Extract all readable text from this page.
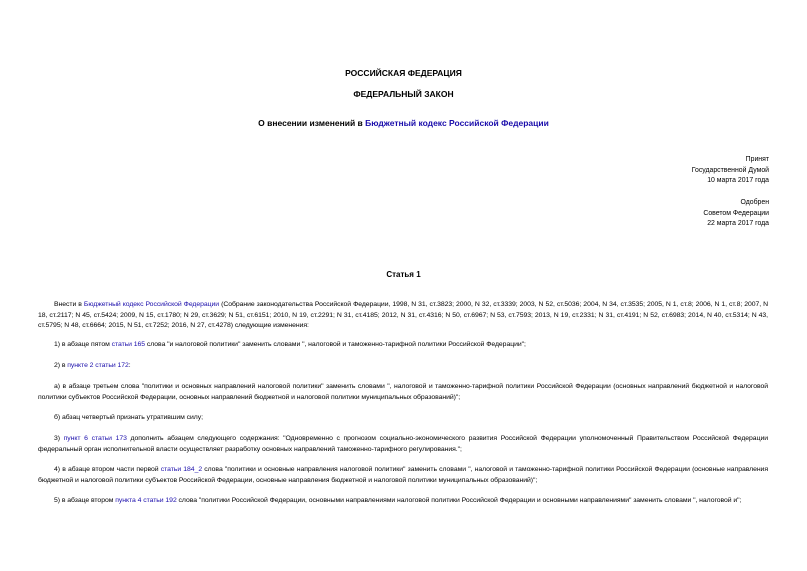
РОССИЙСКАЯ ФЕДЕРАЦИЯ
ФЕДЕРАЛЬНЫЙ ЗАКОН
О внесении изменений в Бюджетный кодекс Российской Федерации
Принят
Государственной Думой
10 марта 2017 года
Одобрен
Советом Федерации
22 марта 2017 года
Статья 1
Внести в Бюджетный кодекс Российской Федерации (Собрание законодательства Российской Федерации, 1998, N 31, ст.3823; 2000, N 32, ст.3339; 2003, N 52, ст.5036; 2004, N 34, ст.3535; 2005, N 1, ст.8; 2006, N 1, ст.8; 2007, N 18, ст.2117; N 45, ст.5424; 2009, N 15, ст.1780; N 29, ст.3629; N 51, ст.6151; 2010, N 19, ст.2291; N 31, ст.4185; 2012, N 31, ст.4316; N 50, ст.6967; N 53, ст.7593; 2013, N 19, ст.2331; N 31, ст.4191; N 52, ст.6983; 2014, N 40, ст.5314; N 43, ст.5795; N 48, ст.6664; 2015, N 51, ст.7252; 2016, N 27, ст.4278) следующие изменения:
1) в абзаце пятом статьи 165 слова "и налоговой политики" заменить словами ", налоговой и таможенно-тарифной политики Российской Федерации";
2) в пункте 2 статьи 172:
а) в абзаце третьем слова "политики и основных направлений налоговой политики" заменить словами ", налоговой и таможенно-тарифной политики Российской Федерации (основных направлений бюджетной и налоговой политики субъектов Российской Федерации, основных направлений бюджетной и налоговой политики муниципальных образований)";
б) абзац четвертый признать утратившим силу;
3) пункт 6 статьи 173 дополнить абзацем следующего содержания: "Одновременно с прогнозом социально-экономического развития Российской Федерации уполномоченный Правительством Российской Федерации федеральный орган исполнительной власти осуществляет разработку основных направлений таможенно-тарифного регулирования.";
4) в абзаце втором части первой статьи 184_2 слова "политики и основные направления налоговой политики" заменить словами ", налоговой и таможенно-тарифной политики Российской Федерации (основные направления бюджетной и налоговой политики субъектов Российской Федерации, основные направления бюджетной и налоговой политики муниципальных образований)";
5) в абзаце втором пункта 4 статьи 192 слова "политики Российской Федерации, основными направлениями налоговой политики Российской Федерации и основными направлениями" заменить словами ", налоговой и";
